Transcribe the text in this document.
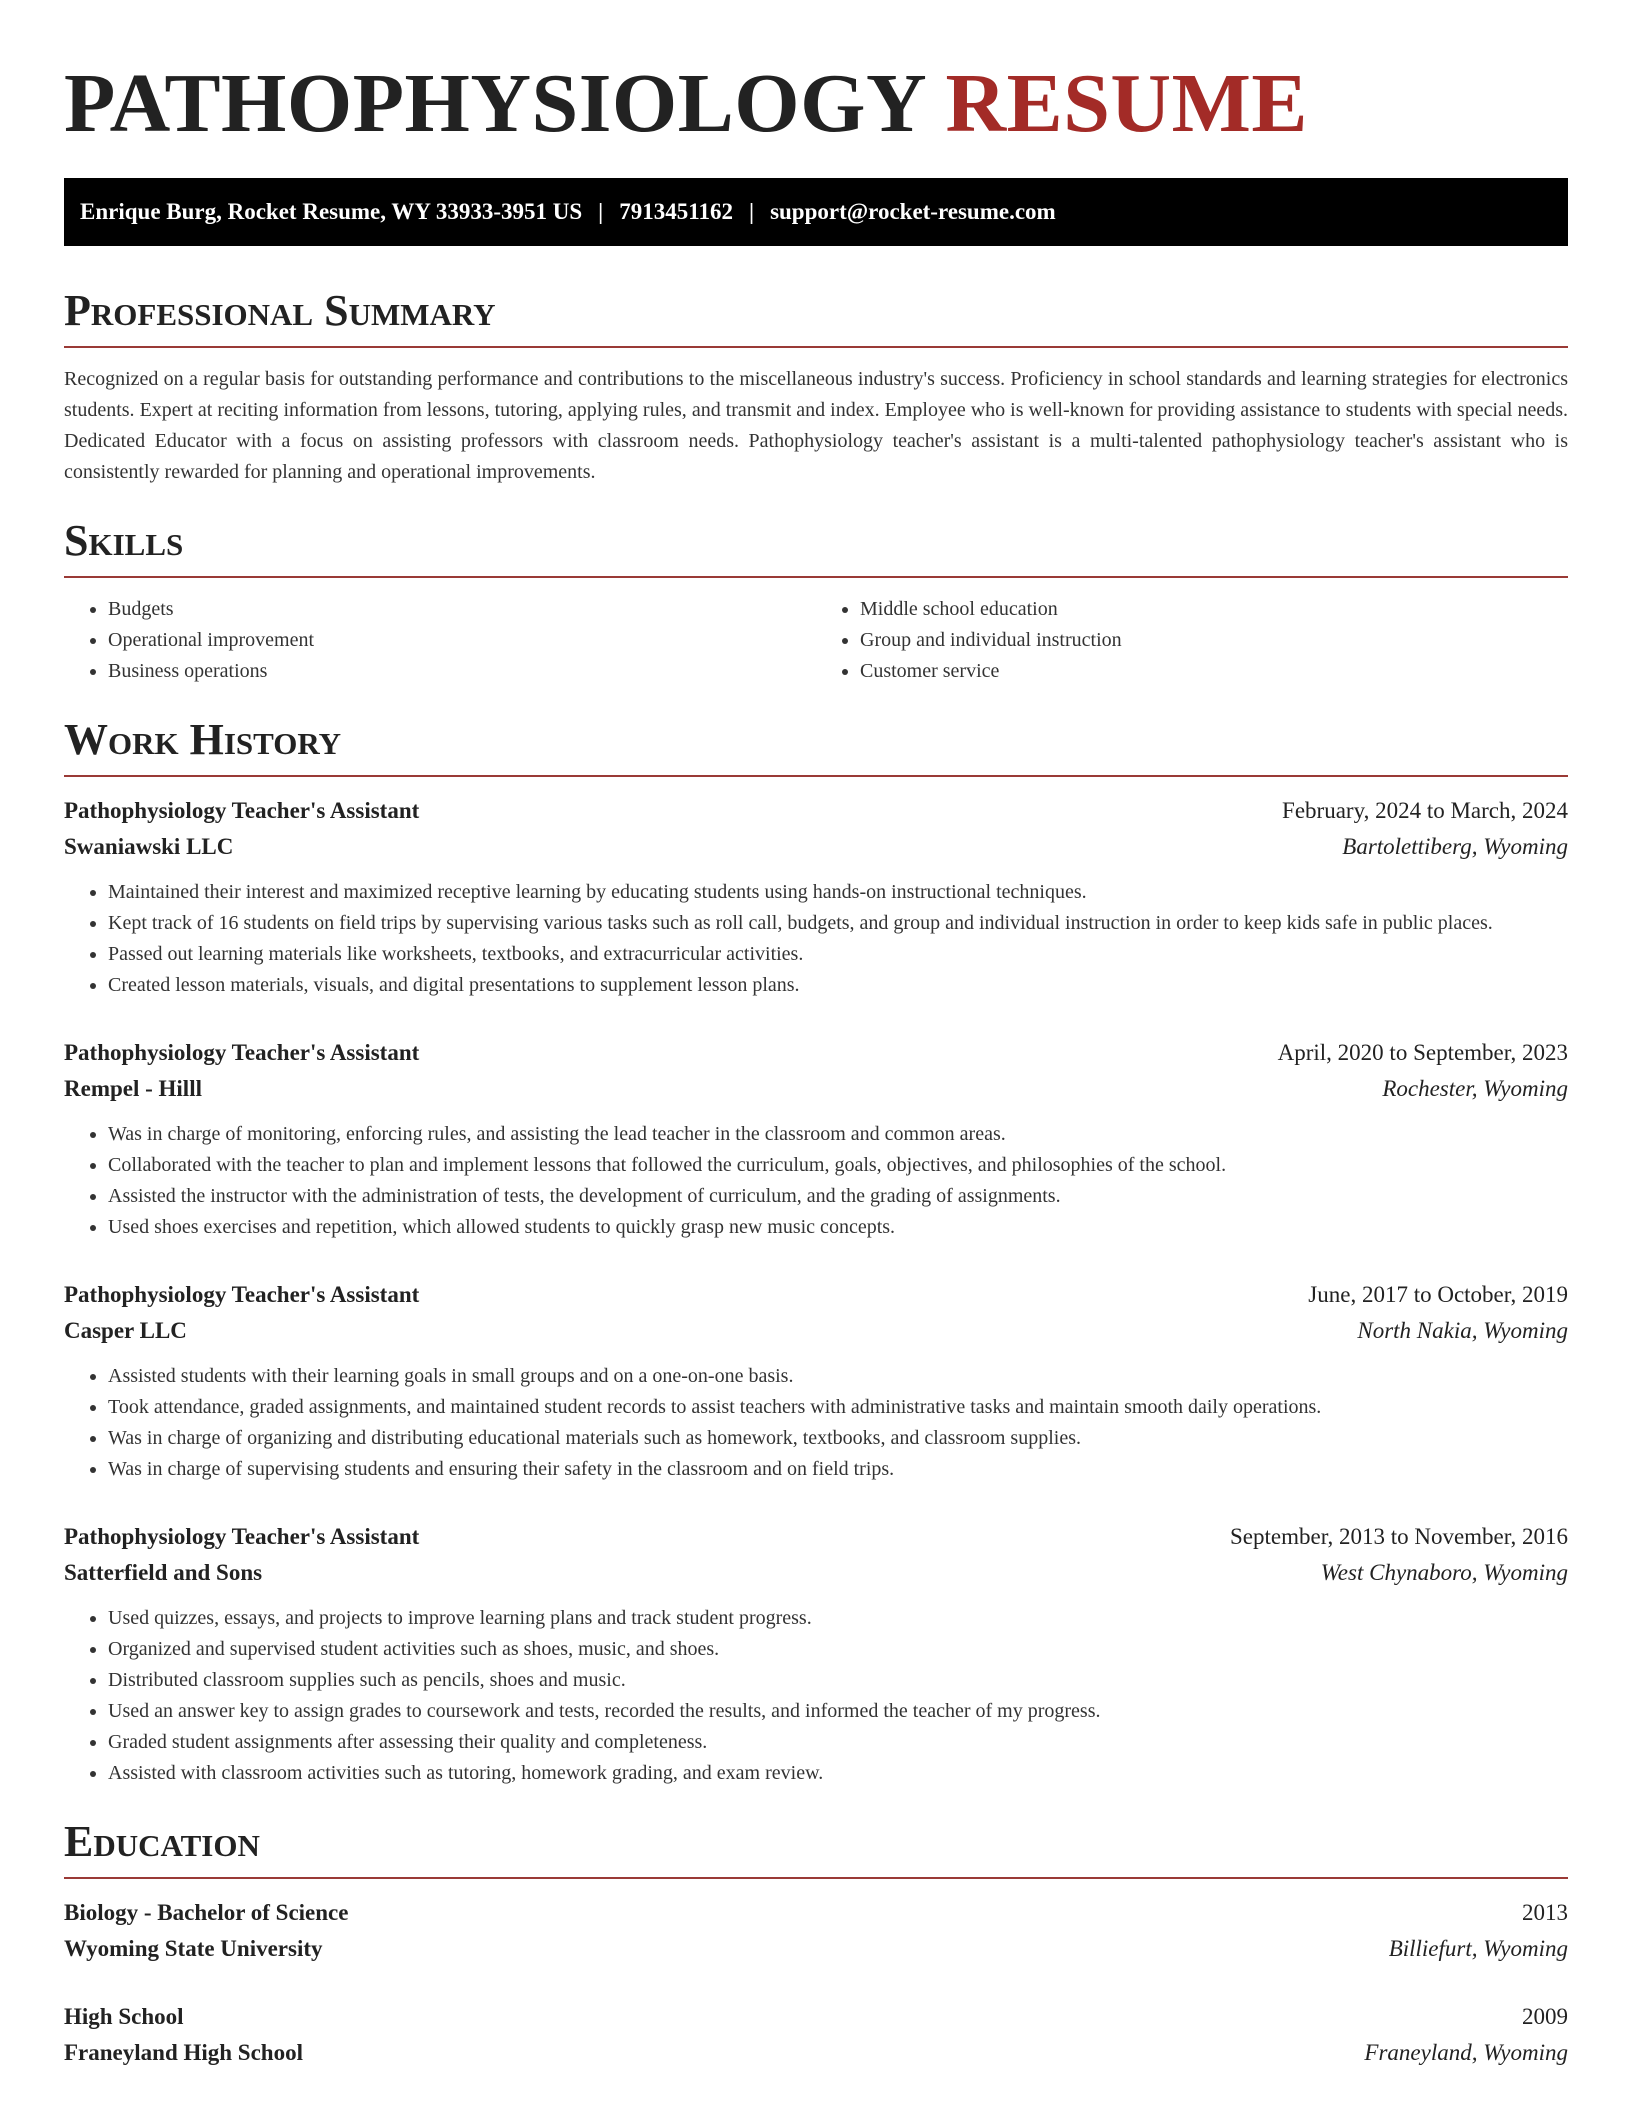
PATHOPHYSIOLOGY RESUME
Enrique Burg, Rocket Resume, WY 33933-3951 US | 7913451162 | support@rocket-resume.com
Professional Summary

Recognized on a regular basis for outstanding performance and contributions to the miscellaneous industry's success. Proficiency in school standards and learning strategies for electronics students. Expert at reciting information from lessons, tutoring, applying rules, and transmit and index. Employee who is well-known for providing assistance to students with special needs. Dedicated Educator with a focus on assisting professors with classroom needs. Pathophysiology teacher's assistant is a multi-talented pathophysiology teacher's assistant who is consistently rewarded for planning and operational improvements.

Skills
• Budgets
• Operational improvement
• Business operations
• Middle school education
• Group and individual instruction
• Customer service
Work History
Pathophysiology Teacher's Assistant	February, 2024 to March, 2024
Swaniawski LLC	Bartolettiberg, Wyoming
• Maintained their interest and maximized receptive learning by educating students using hands-on instructional techniques.
• Kept track of 16 students on field trips by supervising various tasks such as roll call, budgets, and group and individual instruction in order to keep kids safe in public places.
• Passed out learning materials like worksheets, textbooks, and extracurricular activities.
• Created lesson materials, visuals, and digital presentations to supplement lesson plans.
Pathophysiology Teacher's Assistant	April, 2020 to September, 2023
Rempel - Hilll	Rochester, Wyoming
• Was in charge of monitoring, enforcing rules, and assisting the lead teacher in the classroom and common areas.
• Collaborated with the teacher to plan and implement lessons that followed the curriculum, goals, objectives, and philosophies of the school.
• Assisted the instructor with the administration of tests, the development of curriculum, and the grading of assignments.
• Used shoes exercises and repetition, which allowed students to quickly grasp new music concepts.
Pathophysiology Teacher's Assistant	June, 2017 to October, 2019
Casper LLC	North Nakia, Wyoming
• Assisted students with their learning goals in small groups and on a one-on-one basis.
• Took attendance, graded assignments, and maintained student records to assist teachers with administrative tasks and maintain smooth daily operations.
• Was in charge of organizing and distributing educational materials such as homework, textbooks, and classroom supplies.
• Was in charge of supervising students and ensuring their safety in the classroom and on field trips.
Pathophysiology Teacher's Assistant	September, 2013 to November, 2016
Satterfield and Sons	West Chynaboro, Wyoming
• Used quizzes, essays, and projects to improve learning plans and track student progress.
• Organized and supervised student activities such as shoes, music, and shoes.
• Distributed classroom supplies such as pencils, shoes and music.
• Used an answer key to assign grades to coursework and tests, recorded the results, and informed the teacher of my progress.
• Graded student assignments after assessing their quality and completeness.
• Assisted with classroom activities such as tutoring, homework grading, and exam review.
Education
Biology - Bachelor of Science	2013
Wyoming State University	Billiefurt, Wyoming
High School	2009
Franeyland High School	Franeyland, Wyoming
